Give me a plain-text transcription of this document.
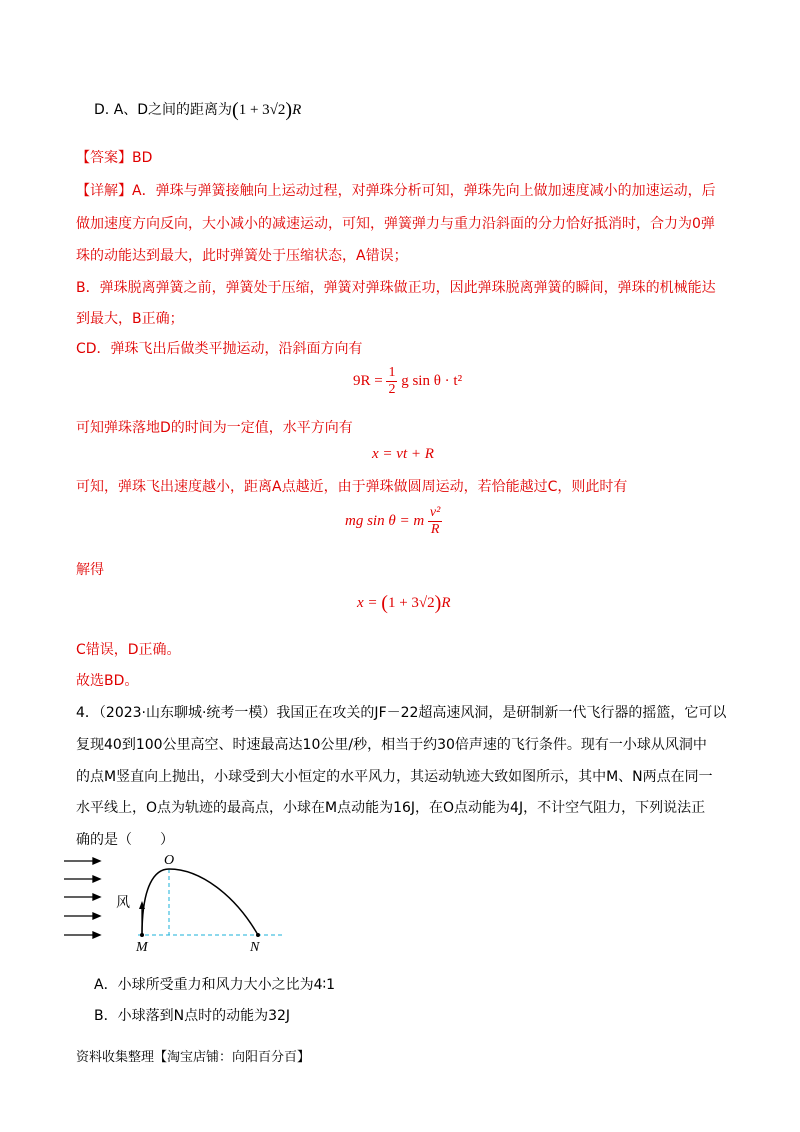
D. A、D之间的距离为(1 + 3√2)R
【答案】BD
【详解】A．弹珠与弹簧接触向上运动过程，对弹珠分析可知，弹珠先向上做加速度减小的加速运动，后
做加速度方向反向，大小减小的减速运动，可知，弹簧弹力与重力沿斜面的分力恰好抵消时，合力为0弹
珠的动能达到最大，此时弹簧处于压缩状态，A错误；
B．弹珠脱离弹簧之前，弹簧处于压缩，弹簧对弹珠做正功，因此弹珠脱离弹簧的瞬间，弹珠的机械能达
到最大，B正确；
CD．弹珠飞出后做类平抛运动，沿斜面方向有
$9R = \frac{1}{2}$ g sin θ · t²
可知弹珠落地D的时间为一定值，水平方向有
x = vt + R
可知，弹珠飞出速度越小，距离A点越近，由于弹珠做圆周运动，若恰能越过C，则此时有
mg sin θ = m $\frac{\text{v²}}{R}$
解得
x = (1 + 3√2)R
C错误，D正确。
故选BD。
4．（2023·山东聊城·统考一模）我国正在攻关的JF－22超高速风洞，是研制新一代飞行器的摇篮，它可以
复现40到100公里高空、时速最高达10公里/秒，相当于约30倍声速的飞行条件。现有一小球从风洞中
的点M竖直向上抛出，小球受到大小恒定的水平风力，其运动轨迹大致如图所示，其中M、N两点在同一
水平线上，O点为轨迹的最高点，小球在M点动能为16J，在O点动能为4J，不计空气阻力，下列说法正
确的是（　　）
O
M	N
风
A．小球所受重力和风力大小之比为4∶1
B．小球落到N点时的动能为32J
资料收集整理【淘宝店铺：向阳百分百】
